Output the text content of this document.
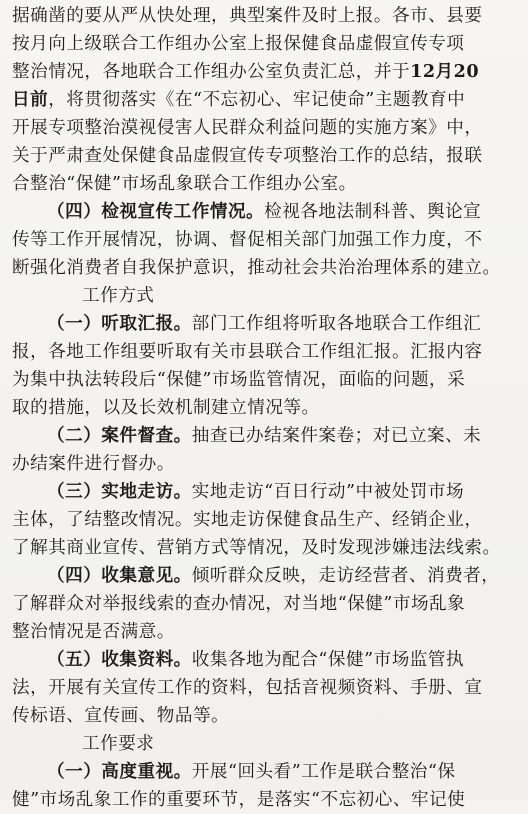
据确凿的要从严从快处理，典型案件及时上报。各市、县要
按月向上级联合工作组办公室上报保健食品虚假宣传专项
整治情况，各地联合工作组办公室负责汇总，并于12月20
日前，将贯彻落实《在“不忘初心、牢记使命”主题教育中
开展专项整治漠视侵害人民群众利益问题的实施方案》中，
关于严肃查处保健食品虚假宣传专项整治工作的总结，报联
合整治“保健”市场乱象联合工作组办公室。
（四）检视宣传工作情况。检视各地法制科普、舆论宣
传等工作开展情况，协调、督促相关部门加强工作力度，不
断强化消费者自我保护意识，推动社会共治治理体系的建立。
工作方式
（一）听取汇报。部门工作组将听取各地联合工作组汇
报，各地工作组要听取有关市县联合工作组汇报。汇报内容
为集中执法转段后“保健”市场监管情况，面临的问题，采
取的措施，以及长效机制建立情况等。
（二）案件督查。抽查已办结案件案卷；对已立案、未
办结案件进行督办。
（三）实地走访。实地走访“百日行动”中被处罚市场
主体，了结整改情况。实地走访保健食品生产、经销企业，
了解其商业宣传、营销方式等情况，及时发现涉嫌违法线索。
（四）收集意见。倾听群众反映，走访经营者、消费者，
了解群众对举报线索的查办情况，对当地“保健”市场乱象
整治情况是否满意。
（五）收集资料。收集各地为配合“保健”市场监管执
法，开展有关宣传工作的资料，包括音视频资料、手册、宣
传标语、宣传画、物品等。
工作要求
（一）高度重视。开展“回头看”工作是联合整治“保
健”市场乱象工作的重要环节，是落实“不忘初心、牢记使
